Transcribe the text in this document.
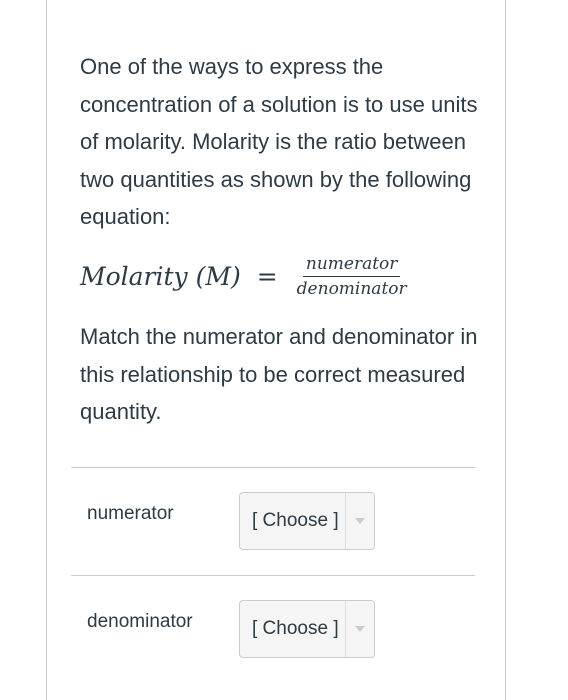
One of the ways to express the concentration of a solution is to use units of molarity. Molarity is the ratio between two quantities as shown by the following equation:

Molarity $(M) = \frac{\text{numerator}}{\text{denominator}}$

Match the numerator and denominator in this relationship to be correct measured quantity.

numerator	[ Choose ]
denominator	[ Choose ]
